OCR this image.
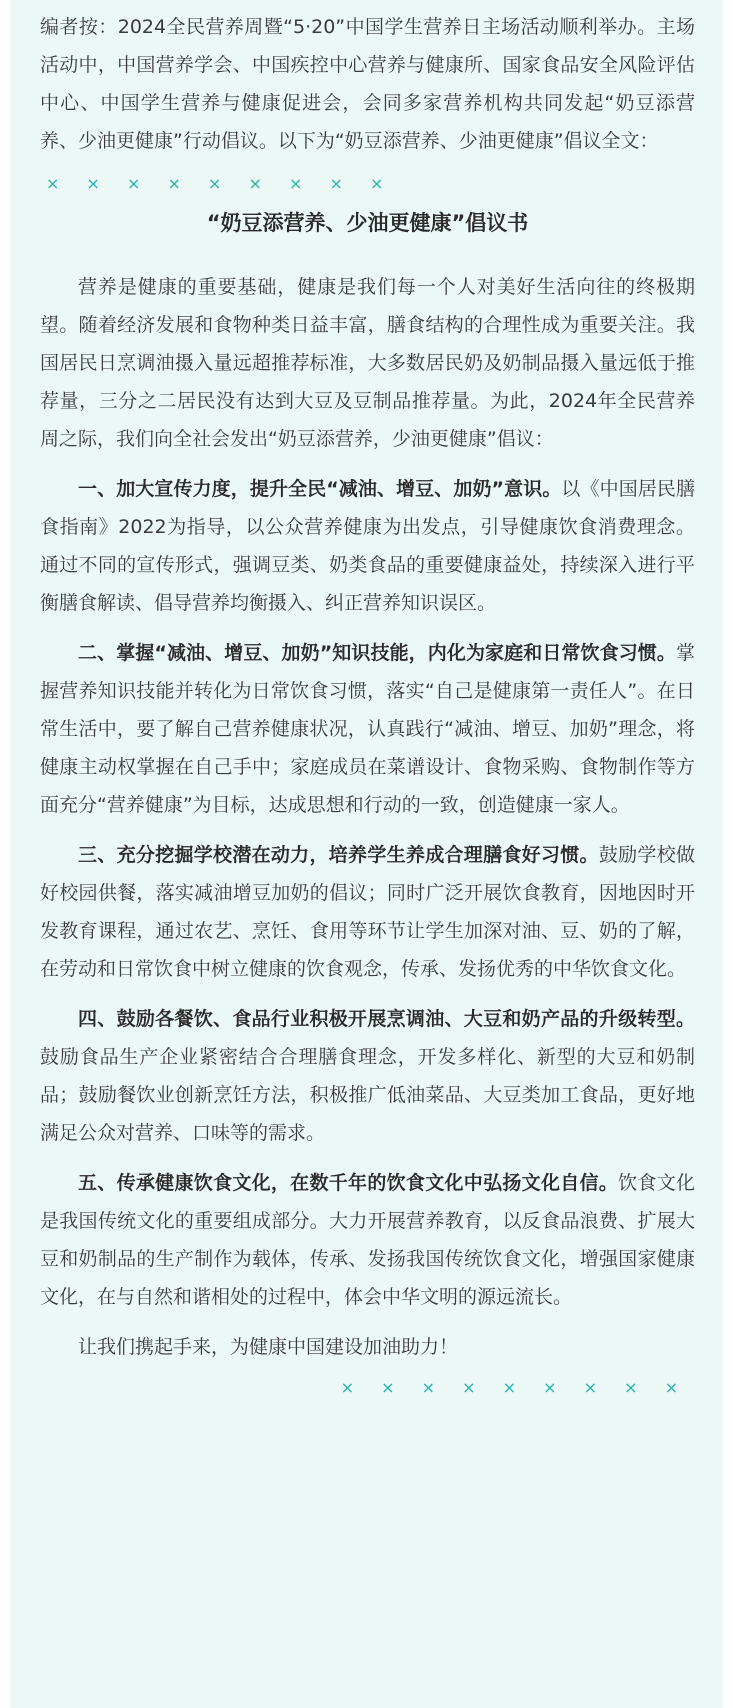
编者按：2024全民营养周暨“5·20”中国学生营养日主场活动顺利举办。主场活动中，中国营养学会、中国疾控中心营养与健康所、国家食品安全风险评估中心、中国学生营养与健康促进会，会同多家营养机构共同发起“奶豆添营养、少油更健康”行动倡议。以下为“奶豆添营养、少油更健康”倡议全文：

× × × × × × × × ×

“奶豆添营养、少油更健康”倡议书

营养是健康的重要基础，健康是我们每一个人对美好生活向往的终极期望。随着经济发展和食物种类日益丰富，膳食结构的合理性成为重要关注。我国居民日烹调油摄入量远超推荐标准，大多数居民奶及奶制品摄入量远低于推荐量，三分之二居民没有达到大豆及豆制品推荐量。为此，2024年全民营养周之际，我们向全社会发出“奶豆添营养，少油更健康”倡议：

一、加大宣传力度，提升全民“减油、增豆、加奶”意识。以《中国居民膳食指南》2022为指导，以公众营养健康为出发点，引导健康饮食消费理念。通过不同的宣传形式，强调豆类、奶类食品的重要健康益处，持续深入进行平衡膳食解读、倡导营养均衡摄入、纠正营养知识误区。

二、掌握“减油、增豆、加奶”知识技能，内化为家庭和日常饮食习惯。掌握营养知识技能并转化为日常饮食习惯，落实“自己是健康第一责任人”。在日常生活中，要了解自己营养健康状况，认真践行“减油、增豆、加奶”理念，将健康主动权掌握在自己手中；家庭成员在菜谱设计、食物采购、食物制作等方面充分“营养健康”为目标，达成思想和行动的一致，创造健康一家人。

三、充分挖掘学校潜在动力，培养学生养成合理膳食好习惯。鼓励学校做好校园供餐，落实减油增豆加奶的倡议；同时广泛开展饮食教育，因地因时开发教育课程，通过农艺、烹饪、食用等环节让学生加深对油、豆、奶的了解，在劳动和日常饮食中树立健康的饮食观念，传承、发扬优秀的中华饮食文化。

四、鼓励各餐饮、食品行业积极开展烹调油、大豆和奶产品的升级转型。鼓励食品生产企业紧密结合合理膳食理念，开发多样化、新型的大豆和奶制品；鼓励餐饮业创新烹饪方法，积极推广低油菜品、大豆类加工食品，更好地满足公众对营养、口味等的需求。

五、传承健康饮食文化，在数千年的饮食文化中弘扬文化自信。饮食文化是我国传统文化的重要组成部分。大力开展营养教育，以反食品浪费、扩展大豆和奶制品的生产制作为载体，传承、发扬我国传统饮食文化，增强国家健康文化，在与自然和谐相处的过程中，体会中华文明的源远流长。

让我们携起手来，为健康中国建设加油助力！

× × × × × × × × ×
